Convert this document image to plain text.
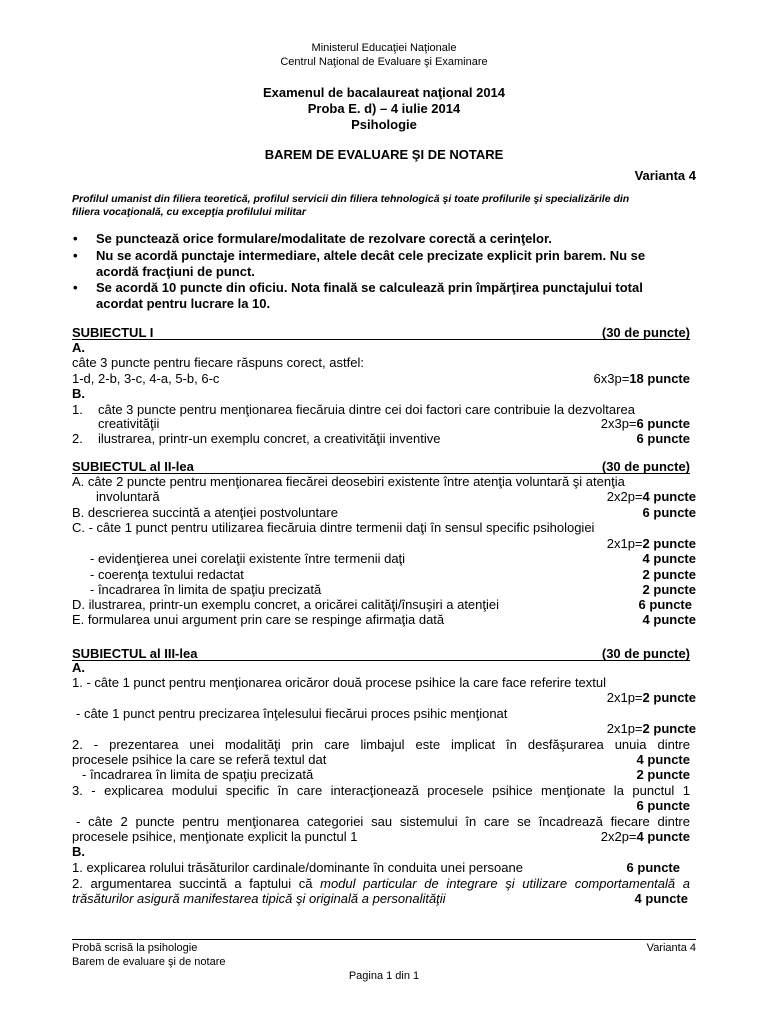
Ministerul Educaţiei Naţionale
Centrul Naţional de Evaluare şi Examinare
Examenul de bacalaureat naţional 2014
Proba E. d) – 4 iulie 2014
Psihologie
BAREM DE EVALUARE ŞI DE NOTARE
Varianta 4
Profilul umanist din filiera teoretică, profilul servicii din filiera tehnologică şi toate profilurile şi specializările din
filiera vocaţională, cu excepţia profilului militar
• Se punctează orice formulare/modalitate de rezolvare corectă a cerinţelor.
• Nu se acordă punctaje intermediare, altele decât cele precizate explicit prin barem. Nu se
acordă fracţiuni de punct.
• Se acordă 10 puncte din oficiu. Nota finală se calculează prin împărţirea punctajului total
acordat pentru lucrare la 10.
SUBIECTUL I	(30 de puncte)
A.
câte 3 puncte pentru fiecare răspuns corect, astfel:
1-d, 2-b, 3-c, 4-a, 5-b, 6-c	6x3p=18 puncte
B.
1. câte 3 puncte pentru menţionarea fiecăruia dintre cei doi factori care contribuie la dezvoltarea
creativităţii	2x3p=6 puncte
2. ilustrarea, printr-un exemplu concret, a creativităţii inventive	6 puncte
SUBIECTUL al II-lea	(30 de puncte)
A. câte 2 puncte pentru menţionarea fiecărei deosebiri existente între atenţia voluntară şi atenţia
involuntară	2x2p=4 puncte
B. descrierea succintă a atenţiei postvoluntare	6 puncte
C. - câte 1 punct pentru utilizarea fiecăruia dintre termenii daţi în sensul specific psihologiei
2x1p=2 puncte
- evidenţierea unei corelaţii existente între termenii daţi	4 puncte
- coerenţa textului redactat	2 puncte
- încadrarea în limita de spaţiu precizată	2 puncte
D. ilustrarea, printr-un exemplu concret, a oricărei calităţi/însuşiri a atenţiei	6 puncte
E. formularea unui argument prin care se respinge afirmaţia dată	4 puncte
SUBIECTUL al III-lea	(30 de puncte)
A.
1. - câte 1 punct pentru menţionarea oricăror două procese psihice la care face referire textul
2x1p=2 puncte
- câte 1 punct pentru precizarea înţelesului fiecărui proces psihic menţionat
2x1p=2 puncte
2. - prezentarea unei modalităţi prin care limbajul este implicat în desfăşurarea unuia dintre
procesele psihice la care se referă textul dat	4 puncte
- încadrarea în limita de spaţiu precizată	2 puncte
3. - explicarea modului specific în care interacţionează procesele psihice menţionate la punctul 1
6 puncte
- câte 2 puncte pentru menţionarea categoriei sau sistemului în care se încadrează fiecare dintre
procesele psihice, menţionate explicit la punctul 1	2x2p=4 puncte
B.
1. explicarea rolului trăsăturilor cardinale/dominante în conduita unei persoane	6 puncte
2. argumentarea succintă a faptului că modul particular de integrare şi utilizare comportamentală a
trăsăturilor asigură manifestarea tipică şi originală a personalităţii	4 puncte
Probă scrisă la psihologie	Varianta 4
Barem de evaluare şi de notare
Pagina 1 din 1
